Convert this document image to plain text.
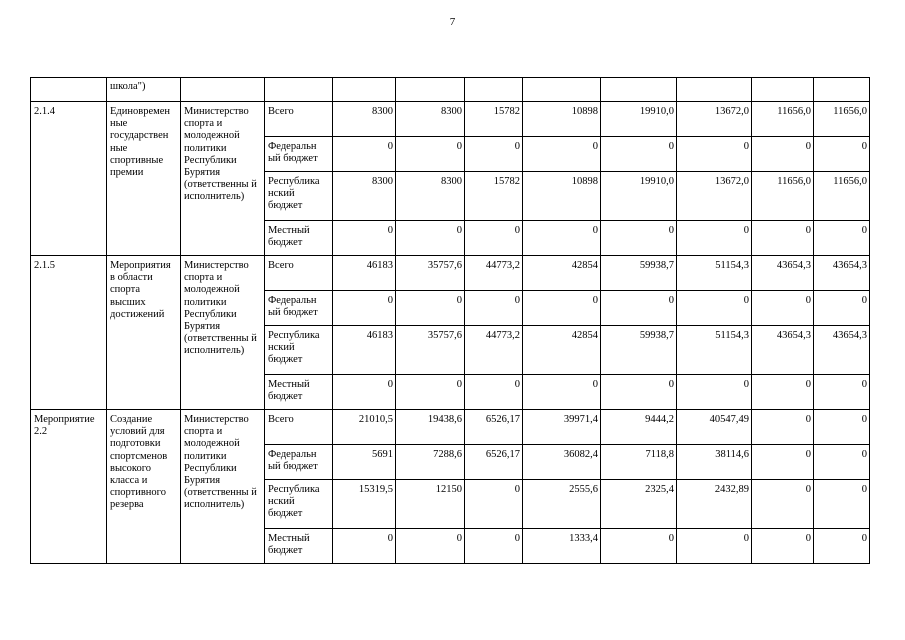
7
	школа")										
2.1.4	Единовремен ные государствен ные спортивные премии	Министерство спорта и молодежной политики Республики Бурятия (ответственны й исполнитель)	Всего	8300	8300	15782	10898	19910,0	13672,0	11656,0	11656,0
			Федеральн ый бюджет	0	0	0	0	0	0	0	0
			Республика нский бюджет	8300	8300	15782	10898	19910,0	13672,0	11656,0	11656,0
			Местный бюджет	0	0	0	0	0	0	0	0
2.1.5	Мероприятия в области спорта высших достижений	Министерство спорта и молодежной политики Республики Бурятия (ответственны й исполнитель)	Всего	46183	35757,6	44773,2	42854	59938,7	51154,3	43654,3	43654,3
			Федеральн ый бюджет	0	0	0	0	0	0	0	0
			Республика нский бюджет	46183	35757,6	44773,2	42854	59938,7	51154,3	43654,3	43654,3
			Местный бюджет	0	0	0	0	0	0	0	0
Мероприятие 2.2	Создание условий для подготовки спортсменов высокого класса и спортивного резерва	Министерство спорта и молодежной политики Республики Бурятия (ответственны й исполнитель)	Всего	21010,5	19438,6	6526,17	39971,4	9444,2	40547,49	0	0
			Федеральн ый бюджет	5691	7288,6	6526,17	36082,4	7118,8	38114,6	0	0
			Республика нский бюджет	15319,5	12150	0	2555,6	2325,4	2432,89	0	0
			Местный бюджет	0	0	0	1333,4	0	0	0	0
